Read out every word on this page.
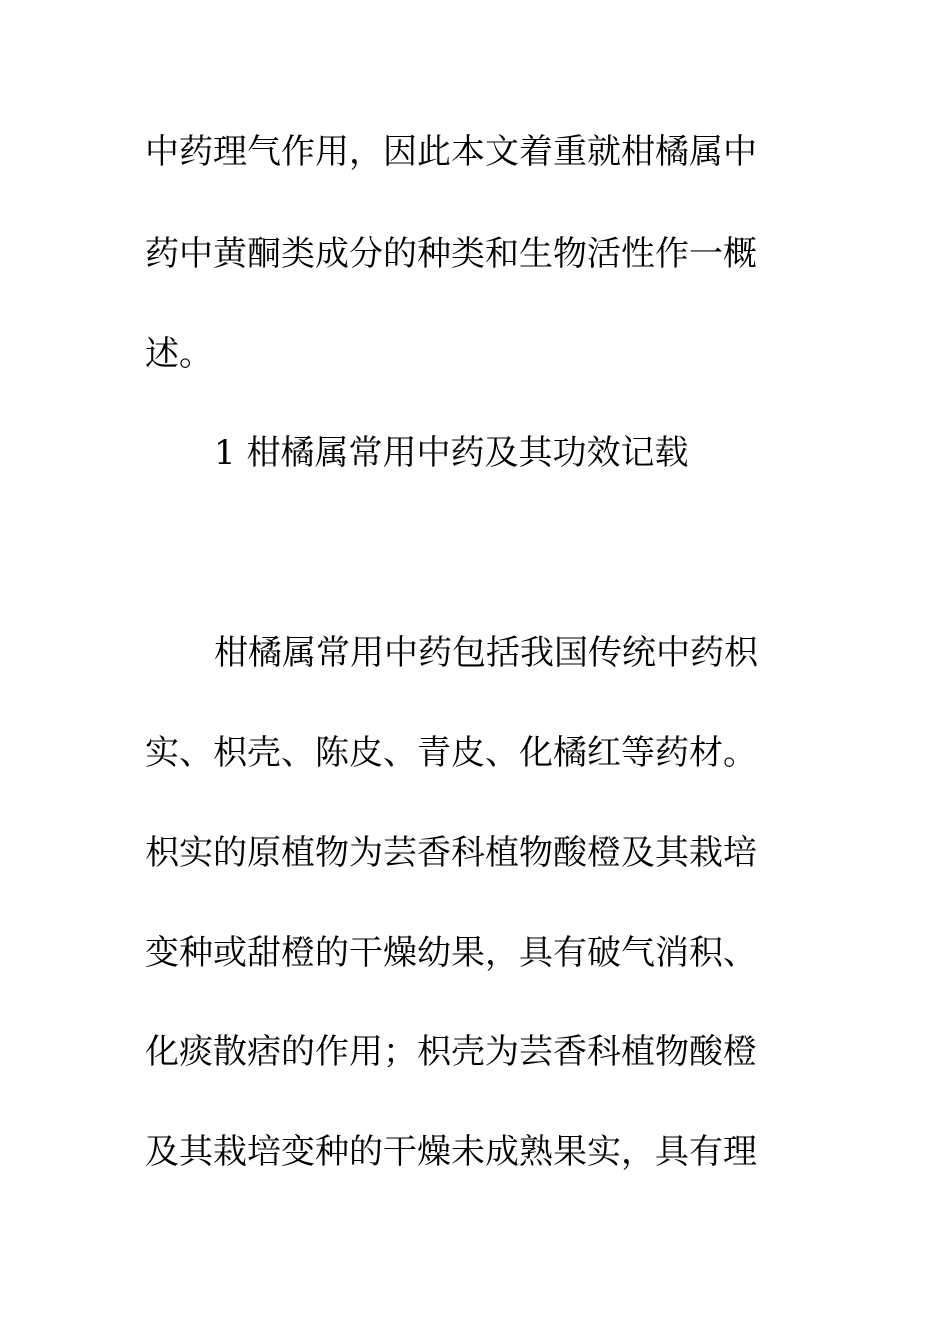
中药理气作用，因此本文着重就柑橘属中
药中黄酮类成分的种类和生物活性作一概
述。
1 柑橘属常用中药及其功效记载
柑橘属常用中药包括我国传统中药枳
实、枳壳、陈皮、青皮、化橘红等药材。
枳实的原植物为芸香科植物酸橙及其栽培
变种或甜橙的干燥幼果，具有破气消积、
化痰散痞的作用；枳壳为芸香科植物酸橙
及其栽培变种的干燥未成熟果实，具有理
